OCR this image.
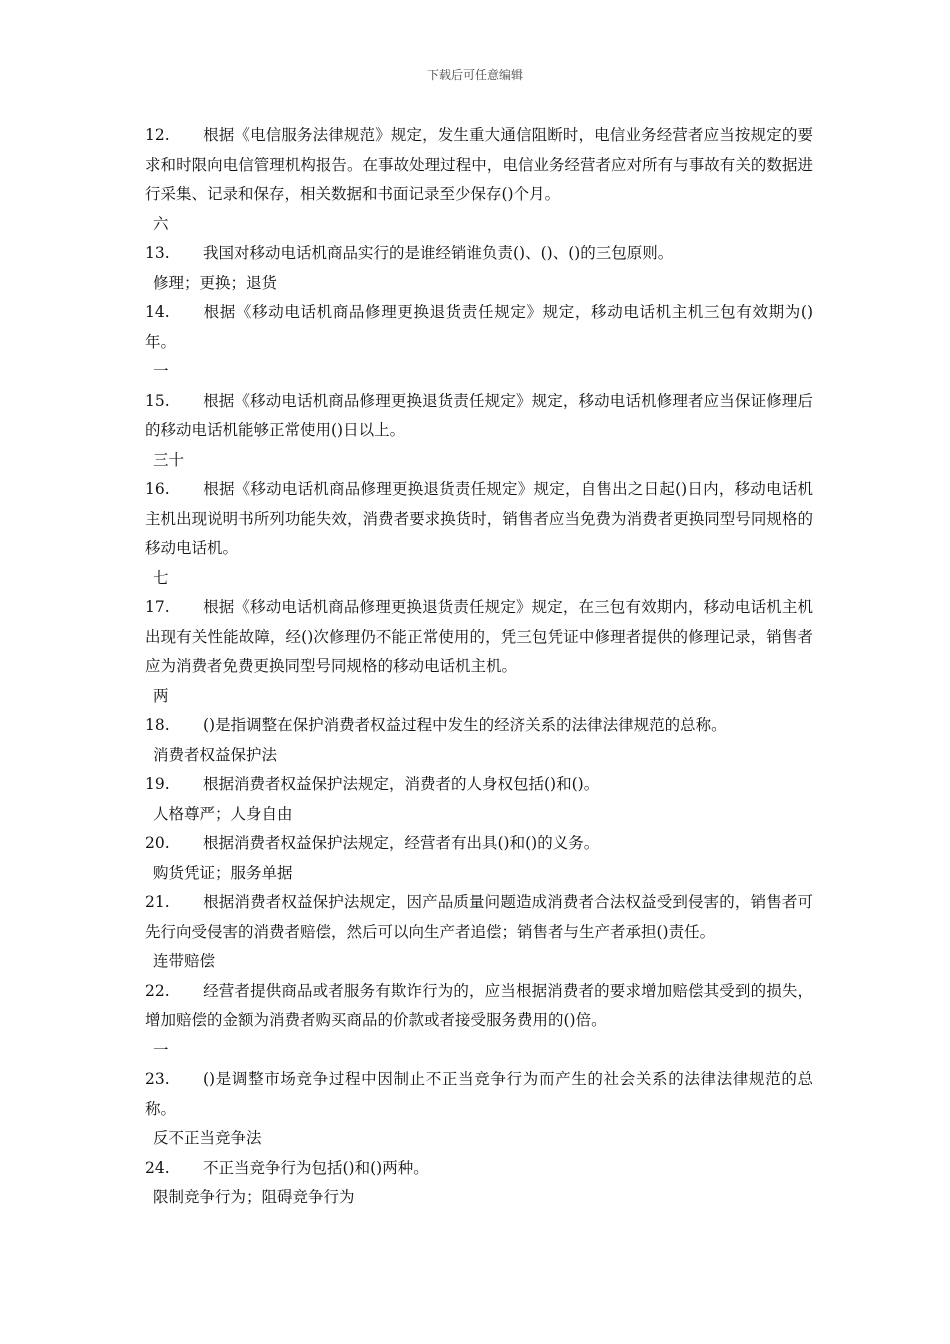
下载后可任意编辑

12. 根据《电信服务法律规范》规定，发生重大通信阻断时，电信业务经营者应当按规定的要求和时限向电信管理机构报告。在事故处理过程中，电信业务经营者应对所有与事故有关的数据进行采集、记录和保存，相关数据和书面记录至少保存()个月。

六

13. 我国对移动电话机商品实行的是谁经销谁负责()、()、()的三包原则。

修理；更换；退货

14. 根据《移动电话机商品修理更换退货责任规定》规定，移动电话机主机三包有效期为()年。

一

15. 根据《移动电话机商品修理更换退货责任规定》规定，移动电话机修理者应当保证修理后的移动电话机能够正常使用()日以上。

三十

16. 根据《移动电话机商品修理更换退货责任规定》规定，自售出之日起()日内，移动电话机主机出现说明书所列功能失效，消费者要求换货时，销售者应当免费为消费者更换同型号同规格的移动电话机。

七

17. 根据《移动电话机商品修理更换退货责任规定》规定，在三包有效期内，移动电话机主机出现有关性能故障，经()次修理仍不能正常使用的，凭三包凭证中修理者提供的修理记录，销售者应为消费者免费更换同型号同规格的移动电话机主机。

两

18. ()是指调整在保护消费者权益过程中发生的经济关系的法律法律规范的总称。

消费者权益保护法

19. 根据消费者权益保护法规定，消费者的人身权包括()和()。

人格尊严；人身自由

20. 根据消费者权益保护法规定，经营者有出具()和()的义务。

购货凭证；服务单据

21. 根据消费者权益保护法规定，因产品质量问题造成消费者合法权益受到侵害的，销售者可先行向受侵害的消费者赔偿，然后可以向生产者追偿；销售者与生产者承担()责任。

连带赔偿

22. 经营者提供商品或者服务有欺诈行为的，应当根据消费者的要求增加赔偿其受到的损失，增加赔偿的金额为消费者购买商品的价款或者接受服务费用的()倍。

一

23. ()是调整市场竞争过程中因制止不正当竞争行为而产生的社会关系的法律法律规范的总称。

反不正当竞争法

24. 不正当竞争行为包括()和()两种。

限制竞争行为；阻碍竞争行为
